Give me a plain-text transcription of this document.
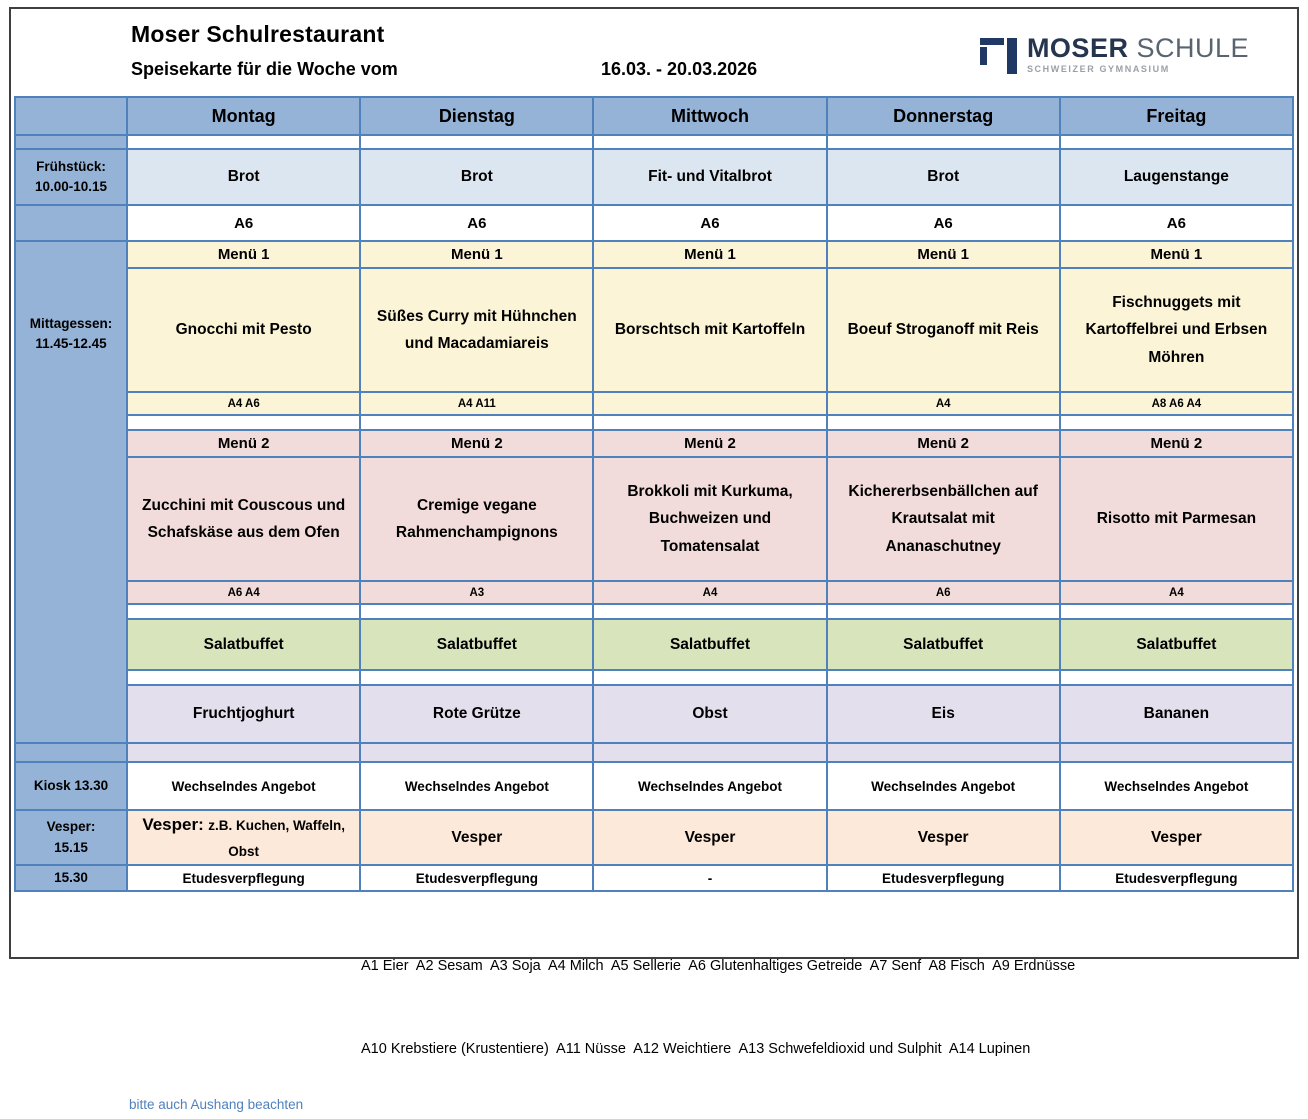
Moser Schulrestaurant
Speisekarte für die Woche vom	16.03. - 20.03.2026
MOSER SCHULE
SCHWEIZER GYMNASIUM
	Montag	Dienstag	Mittwoch	Donnerstag	Freitag

Frühstück:
10.00-10.15	Brot	Brot	Fit- und Vitalbrot	Brot	Laugenstange
	A6	A6	A6	A6	A6

Mittagessen:
11.45-12.45	Menü 1	Menü 1	Menü 1	Menü 1	Menü 1
	Gnocchi mit Pesto	Süßes Curry mit Hühnchen und Macadamiareis	Borschtsch mit Kartoffeln	Boeuf Stroganoff mit Reis	Fischnuggets mit Kartoffelbrei und Erbsen Möhren
	A4 A6	A4 A11		A4	A8 A6 A4

	Menü 2	Menü 2	Menü 2	Menü 2	Menü 2
	Zucchini mit Couscous und Schafskäse aus dem Ofen	Cremige vegane Rahmenchampignons	Brokkoli mit Kurkuma, Buchweizen und Tomatensalat	Kichererbsenbällchen auf Krautsalat mit Ananaschutney	Risotto mit Parmesan
	A6 A4	A3	A4	A6	A4

	Salatbuffet	Salatbuffet	Salatbuffet	Salatbuffet	Salatbuffet

	Fruchtjoghurt	Rote Grütze	Obst	Eis	Bananen

Kiosk 13.30	Wechselndes Angebot	Wechselndes Angebot	Wechselndes Angebot	Wechselndes Angebot	Wechselndes Angebot

Vesper:
15.15	Vesper: z.B. Kuchen, Waffeln, Obst	Vesper	Vesper	Vesper	Vesper
15.30	Etudesverpflegung	Etudesverpflegung	-	Etudesverpflegung	Etudesverpflegung
bitte auch Aushang beachten

A1 Eier  A2 Sesam  A3 Soja  A4 Milch  A5 Sellerie  A6 Glutenhaltiges Getreide  A7 Senf  A8 Fisch  A9 Erdnüsse

A10 Krebstiere (Krustentiere)  A11 Nüsse  A12 Weichtiere  A13 Schwefeldioxid und Sulphit  A14 Lupinen
